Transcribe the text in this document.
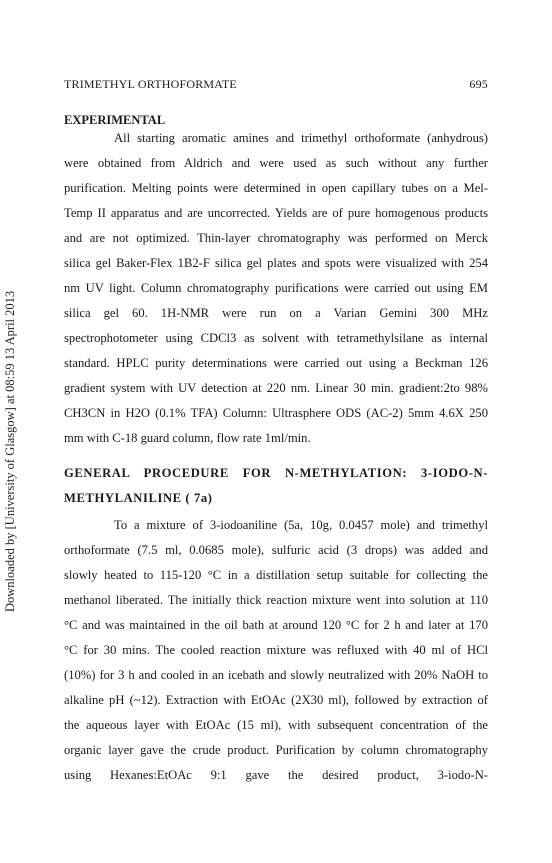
Downloaded by [University of Glasgow] at 08:59 13 April 2013
TRIMETHYL ORTHOFORMATE	695
EXPERIMENTAL
All starting aromatic amines and trimethyl orthoformate (anhydrous)
were obtained from Aldrich and were used as such without any further
purification. Melting points were determined in open capillary tubes on a Mel-
Temp II apparatus and are uncorrected. Yields are of pure homogenous products
and are not optimized. Thin-layer chromatography was performed on Merck
silica gel Baker-Flex 1B2-F silica gel plates and spots were visualized with 254
nm UV light. Column chromatography purifications were carried out using EM
silica gel 60. 1H-NMR were run on a Varian Gemini 300 MHz
spectrophotometer using CDCl3 as solvent with tetramethylsilane as internal
standard. HPLC purity determinations were carried out using a Beckman 126
gradient system with UV detection at 220 nm. Linear 30 min. gradient:2to 98%
CH3CN in H2O (0.1% TFA) Column: Ultrasphere ODS (AC-2) 5mm 4.6X 250
mm with C-18 guard column, flow rate 1ml/min.
GENERAL PROCEDURE FOR N-METHYLATION: 3-IODO-N-
METHYLANILINE ( 7a)
To a mixture of 3-iodoaniline (5a, 10g, 0.0457 mole) and trimethyl
orthoformate (7.5 ml, 0.0685 mole), sulfuric acid (3 drops) was added and
slowly heated to 115-120 °C in a distillation setup suitable for collecting the
methanol liberated. The initially thick reaction mixture went into solution at 110
°C and was maintained in the oil bath at around 120 °C for 2 h and later at 170
°C for 30 mins. The cooled reaction mixture was refluxed with 40 ml of HCl
(10%) for 3 h and cooled in an icebath and slowly neutralized with 20% NaOH to
alkaline pH (~12). Extraction with EtOAc (2X30 ml), followed by extraction of
the aqueous layer with EtOAc (15 ml), with subsequent concentration of the
organic layer gave the crude product. Purification by column chromatography
using Hexanes:EtOAc 9:1 gave the desired product, 3-iodo-N-
